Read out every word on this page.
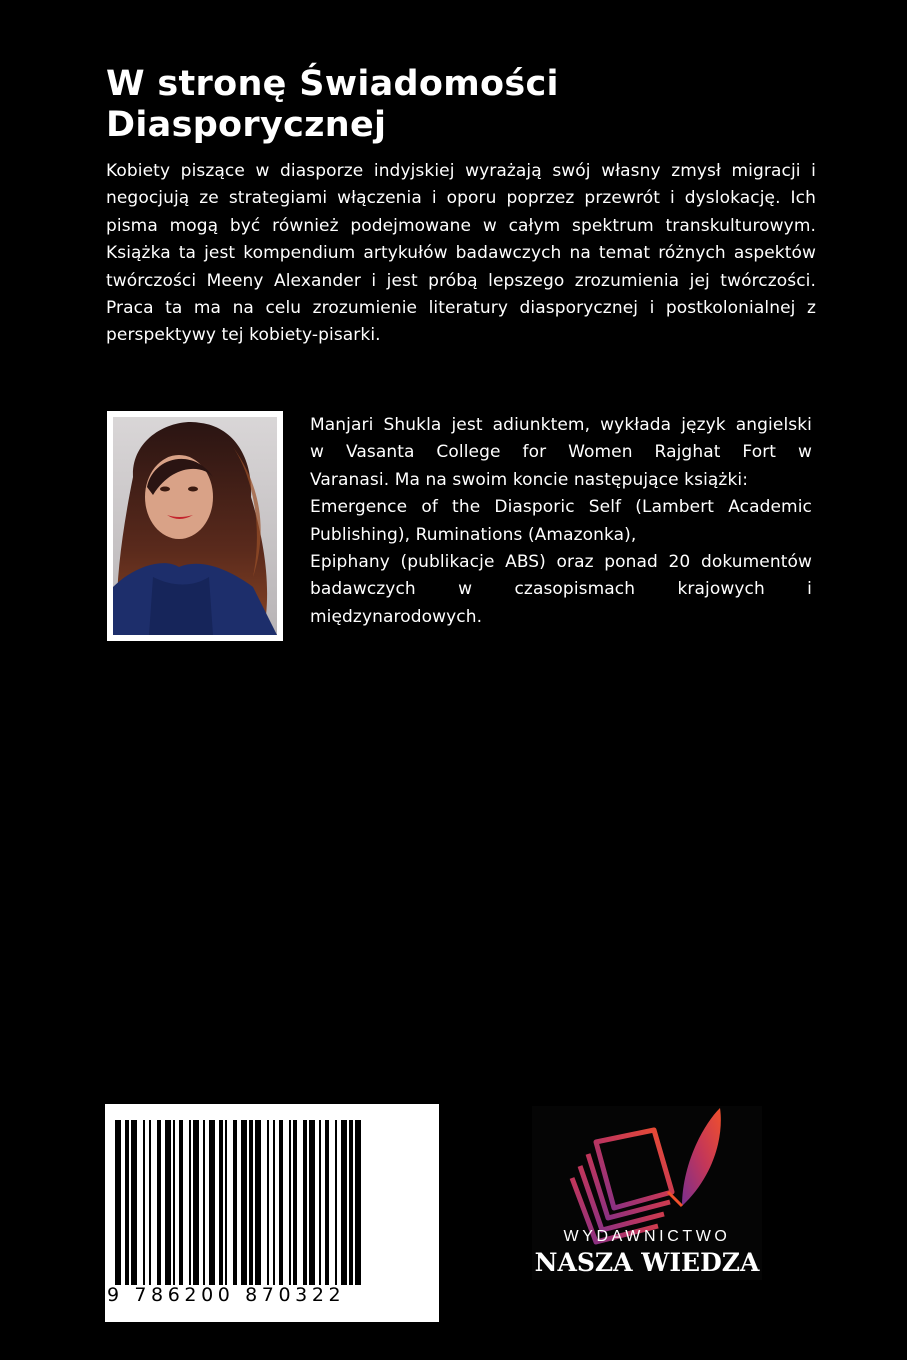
W stronę Świadomości
Diasporycznej

Kobiety piszące w diasporze indyjskiej wyrażają swój własny zmysł migracji i negocjują ze strategiami włączenia i oporu poprzez przewrót i dyslokację. Ich pisma mogą być również podejmowane w całym spektrum transkulturowym. Książka ta jest kompendium artykułów badawczych na temat różnych aspektów twórczości Meeny Alexander i jest próbą lepszego zrozumienia jej twórczości. Praca ta ma na celu zrozumienie literatury diasporycznej i postkolonialnej z perspektywy tej kobiety-pisarki.

Manjari Shukla jest adiunktem, wykłada język angielski
w Vasanta College for Women Rajghat Fort w
Varanasi. Ma na swoim koncie następujące książki:
Emergence of the Diasporic Self (Lambert Academic
Publishing), Ruminations (Amazonka),
Epiphany (publikacje ABS) oraz ponad 20 dokumentów
badawczych w czasopismach krajowych i
międzynarodowych.
9 786200 870322
WYDAWNICTWO
NASZA WIEDZA
